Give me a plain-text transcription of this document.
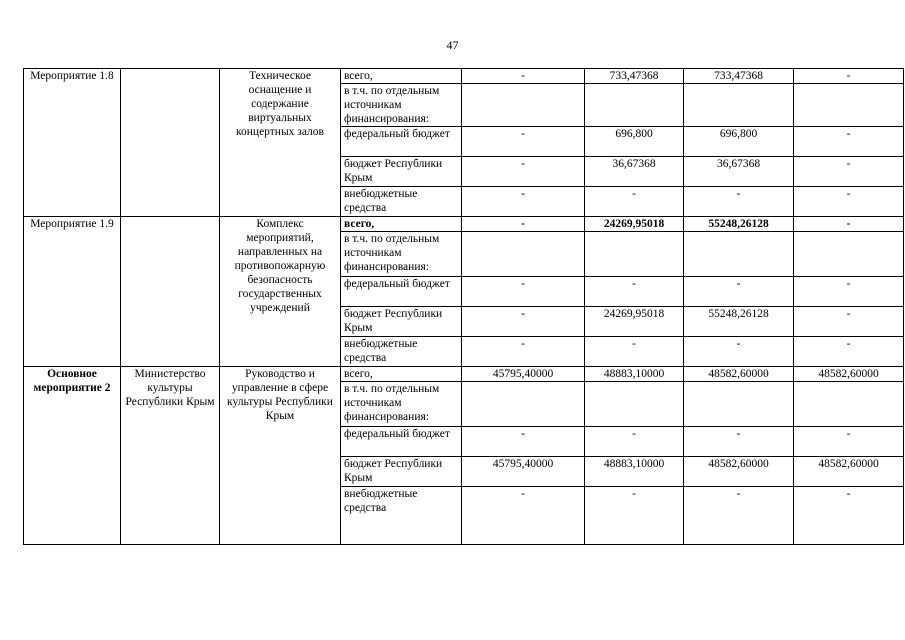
47
Мероприятие 1.8		Техническое оснащение и содержание виртуальных концертных залов	всего,	-	733,47368	733,47368	-
			в т.ч. по отдельным источникам финансирования:				
			федеральный бюджет	-	696,800	696,800	-
			бюджет Республики Крым	-	36,67368	36,67368	-
			внебюджетные средства	-	-	-	-

Мероприятие 1.9		Комплекс мероприятий, направленных на противопожарную безопасность государственных учреждений	всего,	-	24269,95018	55248,26128	-
			в т.ч. по отдельным источникам финансирования:				
			федеральный бюджет	-	-	-	-
			бюджет Республики Крым	-	24269,95018	55248,26128	-
			внебюджетные средства	-	-	-	-

Основное мероприятие 2	Министерство культуры Республики Крым	Руководство и управление в сфере культуры Республики Крым	всего,	45795,40000	48883,10000	48582,60000	48582,60000
			в т.ч. по отдельным источникам финансирования:				
			федеральный бюджет	-	-	-	-
			бюджет Республики Крым	45795,40000	48883,10000	48582,60000	48582,60000
			внебюджетные средства	-	-	-	-
